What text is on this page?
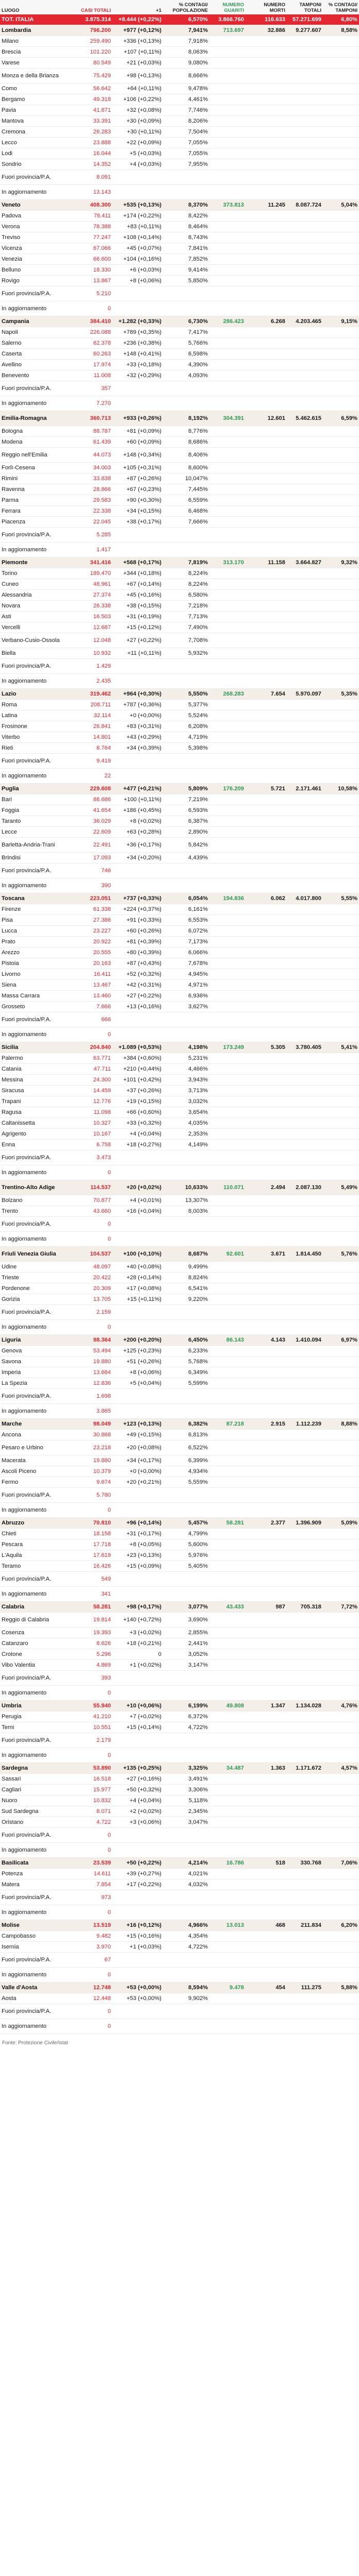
LUOGO	CASI TOTALI	+1	% CONTAGI/ POPOLAZIONE	NUMERO GUARITI	NUMERO MORTI	TAMPONI TOTALI	% CONTAGI/ TAMPONI
TOT. ITALIA	3.875.314	+8.444 (+0,22%)	6,570%	3.866.760	116.633	57.271.699	6,80%
Lombardia	796.200	+977 (+0,12%)	7,941%	713.697	32.886	9.277.607	8,58%
Milano	259.490	+336 (+0,13%)	7,918%				
Brescia	101.220	+107 (+0,11%)	8,063%				
Varese	80.549	+21 (+0,03%)	9,080%				
Monza e della Brianza	75.429	+98 (+0,13%)	8,666%				
Como	56.642	+64 (+0,11%)	9,478%				
Bergamo	49.318	+106 (+0,22%)	4,461%				
Pavia	41.871	+32 (+0,08%)	7,746%				
Mantova	33.391	+30 (+0,09%)	8,206%				
Cremona	26.283	+30 (+0,11%)	7,504%				
Lecco	23.888	+22 (+0,09%)	7,055%				
Lodi	16.044	+5 (+0,03%)	7,055%				
Sondrio	14.352	+4 (+0,03%)	7,955%				
Fuori provincia/P.A.	8.091						
In aggiornamento	13.143						
Veneto	408.300	+535 (+0,13%)	8,370%	373.813	11.245	8.087.724	5,04%
Padova	78.411	+174 (+0,22%)	8,422%				
Verona	78.388	+83 (+0,11%)	8,464%				
Treviso	77.247	+108 (+0,14%)	8,743%				
Vicenza	67.066	+45 (+0,07%)	7,841%				
Venezia	66.600	+104 (+0,16%)	7,852%				
Belluno	18.330	+6 (+0,03%)	9,414%				
Rovigo	13.867	+8 (+0,06%)	5,850%				
Fuori provincia/P.A.	5.210						
In aggiornamento	0						
Campania	384.410	+1.282 (+0,33%)	6,730%	286.423	6.268	4.203.465	9,15%
Napoli	226.088	+789 (+0,35%)	7,417%				
Salerno	62.378	+236 (+0,38%)	5,766%				
Caserta	60.263	+148 (+0,41%)	6,598%				
Avellino	17.974	+33 (+0,18%)	4,390%				
Benevento	11.008	+32 (+0,29%)	4,093%				
Fuori provincia/P.A.	357						
In aggiornamento	7.270						
Emilia-Romagna	360.713	+933 (+0,26%)	8,192%	304.391	12.601	5.462.615	6,59%
Bologna	88.787	+81 (+0,09%)	8,776%				
Modena	61.439	+60 (+0,09%)	8,686%				
Reggio nell'Emilia	44.073	+148 (+0,34%)	8,406%				
Forlì-Cesena	34.003	+105 (+0,31%)	8,600%				
Rimini	33.838	+87 (+0,26%)	10,047%				
Ravenna	28.866	+67 (+0,23%)	7,445%				
Parma	29.583	+90 (+0,30%)	6,559%				
Ferrara	22.338	+34 (+0,15%)	6,468%				
Piacenza	22.045	+38 (+0,17%)	7,666%				
Fuori provincia/P.A.	5.285						
In aggiornamento	1.417						
Piemonte	341.416	+568 (+0,17%)	7,819%	313.170	11.158	3.664.827	9,32%
Torino	189.470	+344 (+0,18%)	8,224%				
Cuneo	48.961	+67 (+0,14%)	8,224%				
Alessandria	27.374	+45 (+0,16%)	6,580%				
Novara	26.338	+38 (+0,15%)	7,218%				
Asti	16.503	+31 (+0,19%)	7,713%				
Vercelli	12.687	+15 (+0,12%)	7,490%				
Verbano-Cusio-Ossola	12.048	+27 (+0,22%)	7,708%				
Biella	10.932	+11 (+0,11%)	5,932%				
Fuori provincia/P.A.	1.429						
In aggiornamento	2.435						
Lazio	319.462	+964 (+0,30%)	5,550%	268.283	7.654	5.970.097	5,35%
Roma	208.711	+787 (+0,36%)	5,377%				
Latina	32.114	+0 (+0,00%)	5,524%				
Frosinone	26.841	+83 (+0,31%)	6,208%				
Viterbo	14.801	+43 (+0,29%)	4,719%				
Rieti	8.764	+34 (+0,39%)	5,398%				
Fuori provincia/P.A.	9.419						
In aggiornamento	22						
Puglia	229.608	+477 (+0,21%)	5,809%	176.209	5.721	2.171.461	10,58%
Bari	88.686	+100 (+0,11%)	7,219%				
Foggia	41.654	+186 (+0,45%)	6,593%				
Taranto	36.029	+8 (+0,02%)	6,387%				
Lecce	22.609	+63 (+0,28%)	2,890%				
Barletta-Andria-Trani	22.491	+36 (+0,17%)	5,842%				
Brindisi	17.093	+34 (+0,20%)	4,439%				
Fuori provincia/P.A.	746						
In aggiornamento	390						
Toscana	223.051	+737 (+0,33%)	6,054%	194.836	6.062	4.017.800	5,55%
Firenze	61.338	+224 (+0,37%)	6,161%				
Pisa	27.386	+91 (+0,33%)	6,553%				
Lucca	23.227	+60 (+0,26%)	6,072%				
Prato	20.922	+81 (+0,39%)	7,173%				
Arezzo	20.555	+80 (+0,39%)	6,066%				
Pistoia	20.163	+87 (+0,43%)	7,678%				
Livorno	16.411	+52 (+0,32%)	4,945%				
Siena	13.467	+42 (+0,31%)	4,971%				
Massa Carrara	13.460	+27 (+0,22%)	6,936%				
Grosseto	7.666	+13 (+0,16%)	3,627%				
Fuori provincia/P.A.	666						
In aggiornamento	0						
Sicilia	204.840	+1.089 (+0,53%)	4,198%	173.249	5.305	3.780.405	5,41%
Palermo	63.771	+384 (+0,60%)	5,231%				
Catania	47.711	+210 (+0,44%)	4,466%				
Messina	24.300	+101 (+0,42%)	3,943%				
Siracusa	14.459	+37 (+0,26%)	3,713%				
Trapani	12.776	+19 (+0,15%)	3,032%				
Ragusa	11.098	+66 (+0,60%)	3,654%				
Caltanissetta	10.327	+33 (+0,32%)	4,035%				
Agrigento	10.167	+4 (+0,04%)	2,353%				
Enna	6.758	+18 (+0,27%)	4,149%				
Fuori provincia/P.A.	3.473						
In aggiornamento	0						
Trentino-Alto Adige	114.537	+20 (+0,02%)	10,633%	110.071	2.494	2.087.130	5,49%
Bolzano	70.877	+4 (+0,01%)	13,307%				
Trento	43.660	+16 (+0,04%)	8,003%				
Fuori provincia/P.A.	0						
In aggiornamento	0						
Friuli Venezia Giulia	104.537	+100 (+0,10%)	8,687%	92.601	3.671	1.814.450	5,76%
Udine	48.097	+40 (+0,08%)	9,499%				
Trieste	20.422	+28 (+0,14%)	8,824%				
Pordenone	20.309	+17 (+0,08%)	6,541%				
Gorizia	13.705	+15 (+0,11%)	9,220%				
Fuori provincia/P.A.	2.159						
In aggiornamento	0						
Liguria	98.364	+200 (+0,20%)	6,450%	86.143	4.143	1.410.094	6,97%
Genova	53.494	+125 (+0,23%)	6,233%				
Savona	19.880	+51 (+0,26%)	5,768%				
Imperia	13.684	+8 (+0,06%)	6,349%				
La Spezia	12.836	+5 (+0,04%)	5,599%				
Fuori provincia/P.A.	1.698						
In aggiornamento	3.865						
Marche	98.049	+123 (+0,13%)	6,382%	87.218	2.915	1.112.239	8,88%
Ancona	30.868	+49 (+0,15%)	6,813%				
Pesaro e Urbino	23.218	+20 (+0,08%)	6,522%				
Macerata	19.880	+34 (+0,17%)	6,399%				
Ascoli Piceno	10.379	+0 (+0,00%)	4,934%				
Fermo	9.674	+20 (+0,21%)	5,559%				
Fuori provincia/P.A.	5.780						
In aggiornamento	0						
Abruzzo	70.810	+96 (+0,14%)	5,457%	58.281	2.377	1.396.909	5,09%
Chieti	18.158	+31 (+0,17%)	4,799%				
Pescara	17.718	+8 (+0,05%)	5,600%				
L'Aquila	17.619	+23 (+0,13%)	5,976%				
Teramo	16.426	+15 (+0,09%)	5,405%				
Fuori provincia/P.A.	549						
In aggiornamento	341						
Calabria	58.281	+98 (+0,17%)	3,077%	43.433	987	705.318	7,72%
Reggio di Calabria	19.814	+140 (+0,72%)	3,690%				
Cosenza	19.393	+3 (+0,02%)	2,855%				
Catanzaro	8.626	+18 (+0,21%)	2,441%				
Crotone	5.296	0	3,052%				
Vibo Valentia	4.869	+1 (+0,02%)	3,147%				
Fuori provincia/P.A.	393						
In aggiornamento	0						
Umbria	55.940	+10 (+0,06%)	6,199%	49.808	1.347	1.134.028	4,76%
Perugia	41.210	+7 (+0,02%)	6,372%				
Terni	10.551	+15 (+0,14%)	4,722%				
Fuori provincia/P.A.	2.179						
In aggiornamento	0						
Sardegna	53.890	+135 (+0,25%)	3,325%	34.487	1.363	1.171.672	4,57%
Sassari	16.518	+27 (+0,16%)	3,491%				
Cagliari	15.977	+50 (+0,32%)	3,306%				
Nuoro	10.832	+4 (+0,04%)	5,118%				
Sud Sardegna	8.071	+2 (+0,02%)	2,345%				
Oristano	4.722	+3 (+0,06%)	3,047%				
Fuori provincia/P.A.	0						
In aggiornamento	0						
Basilicata	23.539	+50 (+0,22%)	4,214%	16.786	518	330.768	7,06%
Potenza	14.611	+39 (+0,27%)	4,021%				
Matera	7.854	+17 (+0,22%)	4,032%				
Fuori provincia/P.A.	973						
In aggiornamento	0						
Molise	13.519	+16 (+0,12%)	4,966%	13.013	468	211.834	6,20%
Campobasso	9.482	+15 (+0,16%)	4,354%				
Isernia	3.970	+1 (+0,03%)	4,722%				
Fuori provincia/P.A.	67						
In aggiornamento	0						
Valle d'Aosta	12.748	+53 (+0,00%)	8,594%	9.478	454	111.275	5,88%
Aosta	12.448	+53 (+0,00%)	9,902%				
Fuori provincia/P.A.	0						
In aggiornamento	0						
Fonte: Protezione Civile/Istat
